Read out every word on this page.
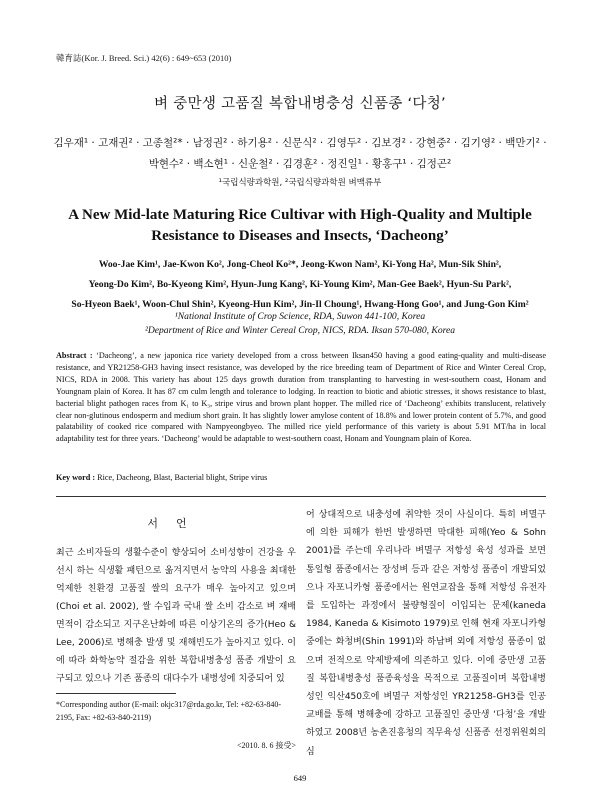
韓育誌(Kor. J. Breed. Sci.) 42(6) : 649~653 (2010)
벼 중만생 고품질 복합내병충성 신품종 ‘다청’
김우재¹ · 고재권² · 고종철²* · 남정권² · 하기용² · 신문식² · 김영두² · 김보경² · 강현중² · 김기영² · 백만기² ·
박현수² · 백소현¹ · 신운철² · 김경훈² · 정진일¹ · 황홍구¹ · 김정곤²
¹국립식량과학원, ²국립식량과학원 벼맥류부
A New Mid-late Maturing Rice Cultivar with High-Quality and Multiple
Resistance to Diseases and Insects, ‘Dacheong’
Woo-Jae Kim¹, Jae-Kwon Ko², Jong-Cheol Ko²*, Jeong-Kwon Nam², Ki-Yong Ha², Mun-Sik Shin²,
Yeong-Do Kim², Bo-Kyeong Kim², Hyun-Jung Kang², Ki-Young Kim², Man-Gee Baek², Hyun-Su Park²,
So-Hyeon Baek¹, Woon-Chul Shin², Kyeong-Hun Kim², Jin-Il Choung¹, Hwang-Hong Goo¹, and Jung-Gon Kim²
¹National Institute of Crop Science, RDA, Suwon 441-100, Korea
²Department of Rice and Winter Cereal Crop, NICS, RDA. Iksan 570-080, Korea
Abstract : ‘Dacheong’, a new japonica rice variety developed from a cross between Iksan450 having a good eating-quality and multi-disease resistance, and YR21258-GH3 having insect resistance, was developed by the rice breeding team of Department of Rice and Winter Cereal Crop, NICS, RDA in 2008. This variety has about 125 days growth duration from transplanting to harvesting in west-southern coast, Honam and Youngnam plain of Korea. It has 87 cm culm length and tolerance to lodging. In reaction to biotic and abiotic stresses, it shows resistance to blast, bacterial blight pathogen races from K₁ to K₃, stripe virus and brown plant hopper. The milled rice of ‘Dacheong’ exhibits translucent, relatively clear non-glutinous endosperm and medium short grain. It has slightly lower amylose content of 18.8% and lower protein content of 5.7%, and good palatability of cooked rice compared with Nampyeongbyeo. The milled rice yield performance of this variety is about 5.91 MT/ha in local adaptability test for three years. ‘Dacheong’ would be adaptable to west-southern coast, Honam and Youngnam plain of Korea.
Key word : Rice, Dacheong, Blast, Bacterial blight, Stripe virus
서언
최근 소비자들의 생활수준이 향상되어 소비성향이 건강을 우선시 하는 식생활 패턴으로 옮겨지면서 농약의 사용을 최대한 억제한 친환경 고품질 쌀의 요구가 매우 높아지고 있으며(Choi et al. 2002), 쌀 수입과 국내 쌀 소비 감소로 벼 재배면적이 감소되고 지구온난화에 따른 이상기온의 증가(Heo & Lee, 2006)로 병해충 발생 및 재해빈도가 높아지고 있다. 이에 따라 화학농약 절감을 위한 복합내병충성 품종 개발이 요구되고 있으나 기존 품종의 대다수가 내병성에 치중되어 있
어 상대적으로 내충성에 취약한 것이 사실이다. 특히 벼멸구에 의한 피해가 한번 발생하면 막대한 피해(Yeo & Sohn 2001)를 주는데 우리나라 벼멸구 저항성 육성 성과를 보면 통일형 품종에서는 장성벼 등과 같은 저항성 품종이 개발되었으나 자포니카형 품종에서는 원연교잡을 통해 저항성 유전자를 도입하는 과정에서 불량형질이 이입되는 문제(kaneda 1984, Kaneda & Kisimoto 1979)로 인해 현재 자포니카형 중에는 화청벼(Shin 1991)와 하남벼 외에 저항성 품종이 없으며 전적으로 약제방제에 의존하고 있다. 이에 중만생 고품질 복합내병충성 품종육성을 목적으로 고품질이며 복합내병성인 익산450호에 벼멸구 저항성인 YR21258-GH3를 인공교배를 통해 병해충에 강하고 고품질인 중만생 ‘다청’을 개발하였고 2008년 농촌진흥청의 직무육성 신품종 선정위원회의 심
*Corresponding author (E-mail: okjc317@rda.go.kr, Tel: +82-63-840-2195, Fax: +82-63-840-2119)
<2010. 8. 6 接受>
649
